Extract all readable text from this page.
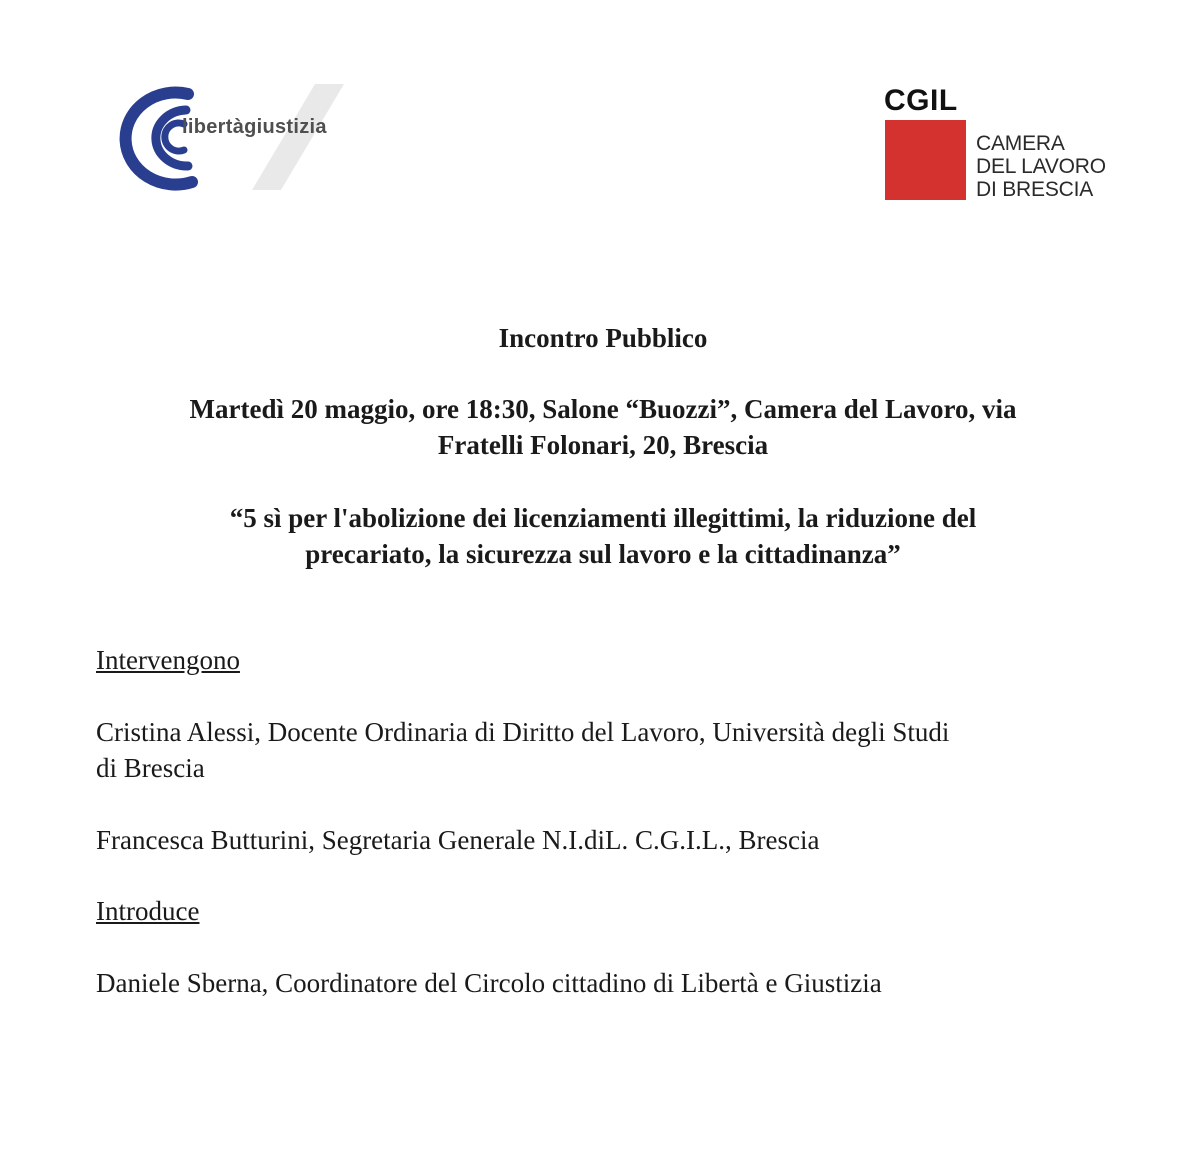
libertàgiustizia
CGIL
CAMERA
DEL LAVORO
DI BRESCIA
Incontro Pubblico
Martedì 20 maggio, ore 18:30, Salone “Buozzi”, Camera del Lavoro, via
Fratelli Folonari, 20, Brescia
“5 sì per l'abolizione dei licenziamenti illegittimi, la riduzione del
precariato, la sicurezza sul lavoro e la cittadinanza”
Intervengono
Cristina Alessi, Docente Ordinaria di Diritto del Lavoro, Università degli Studi
di Brescia
Francesca Butturini, Segretaria Generale N.I.diL. C.G.I.L., Brescia
Introduce
Daniele Sberna, Coordinatore del Circolo cittadino di Libertà e Giustizia
